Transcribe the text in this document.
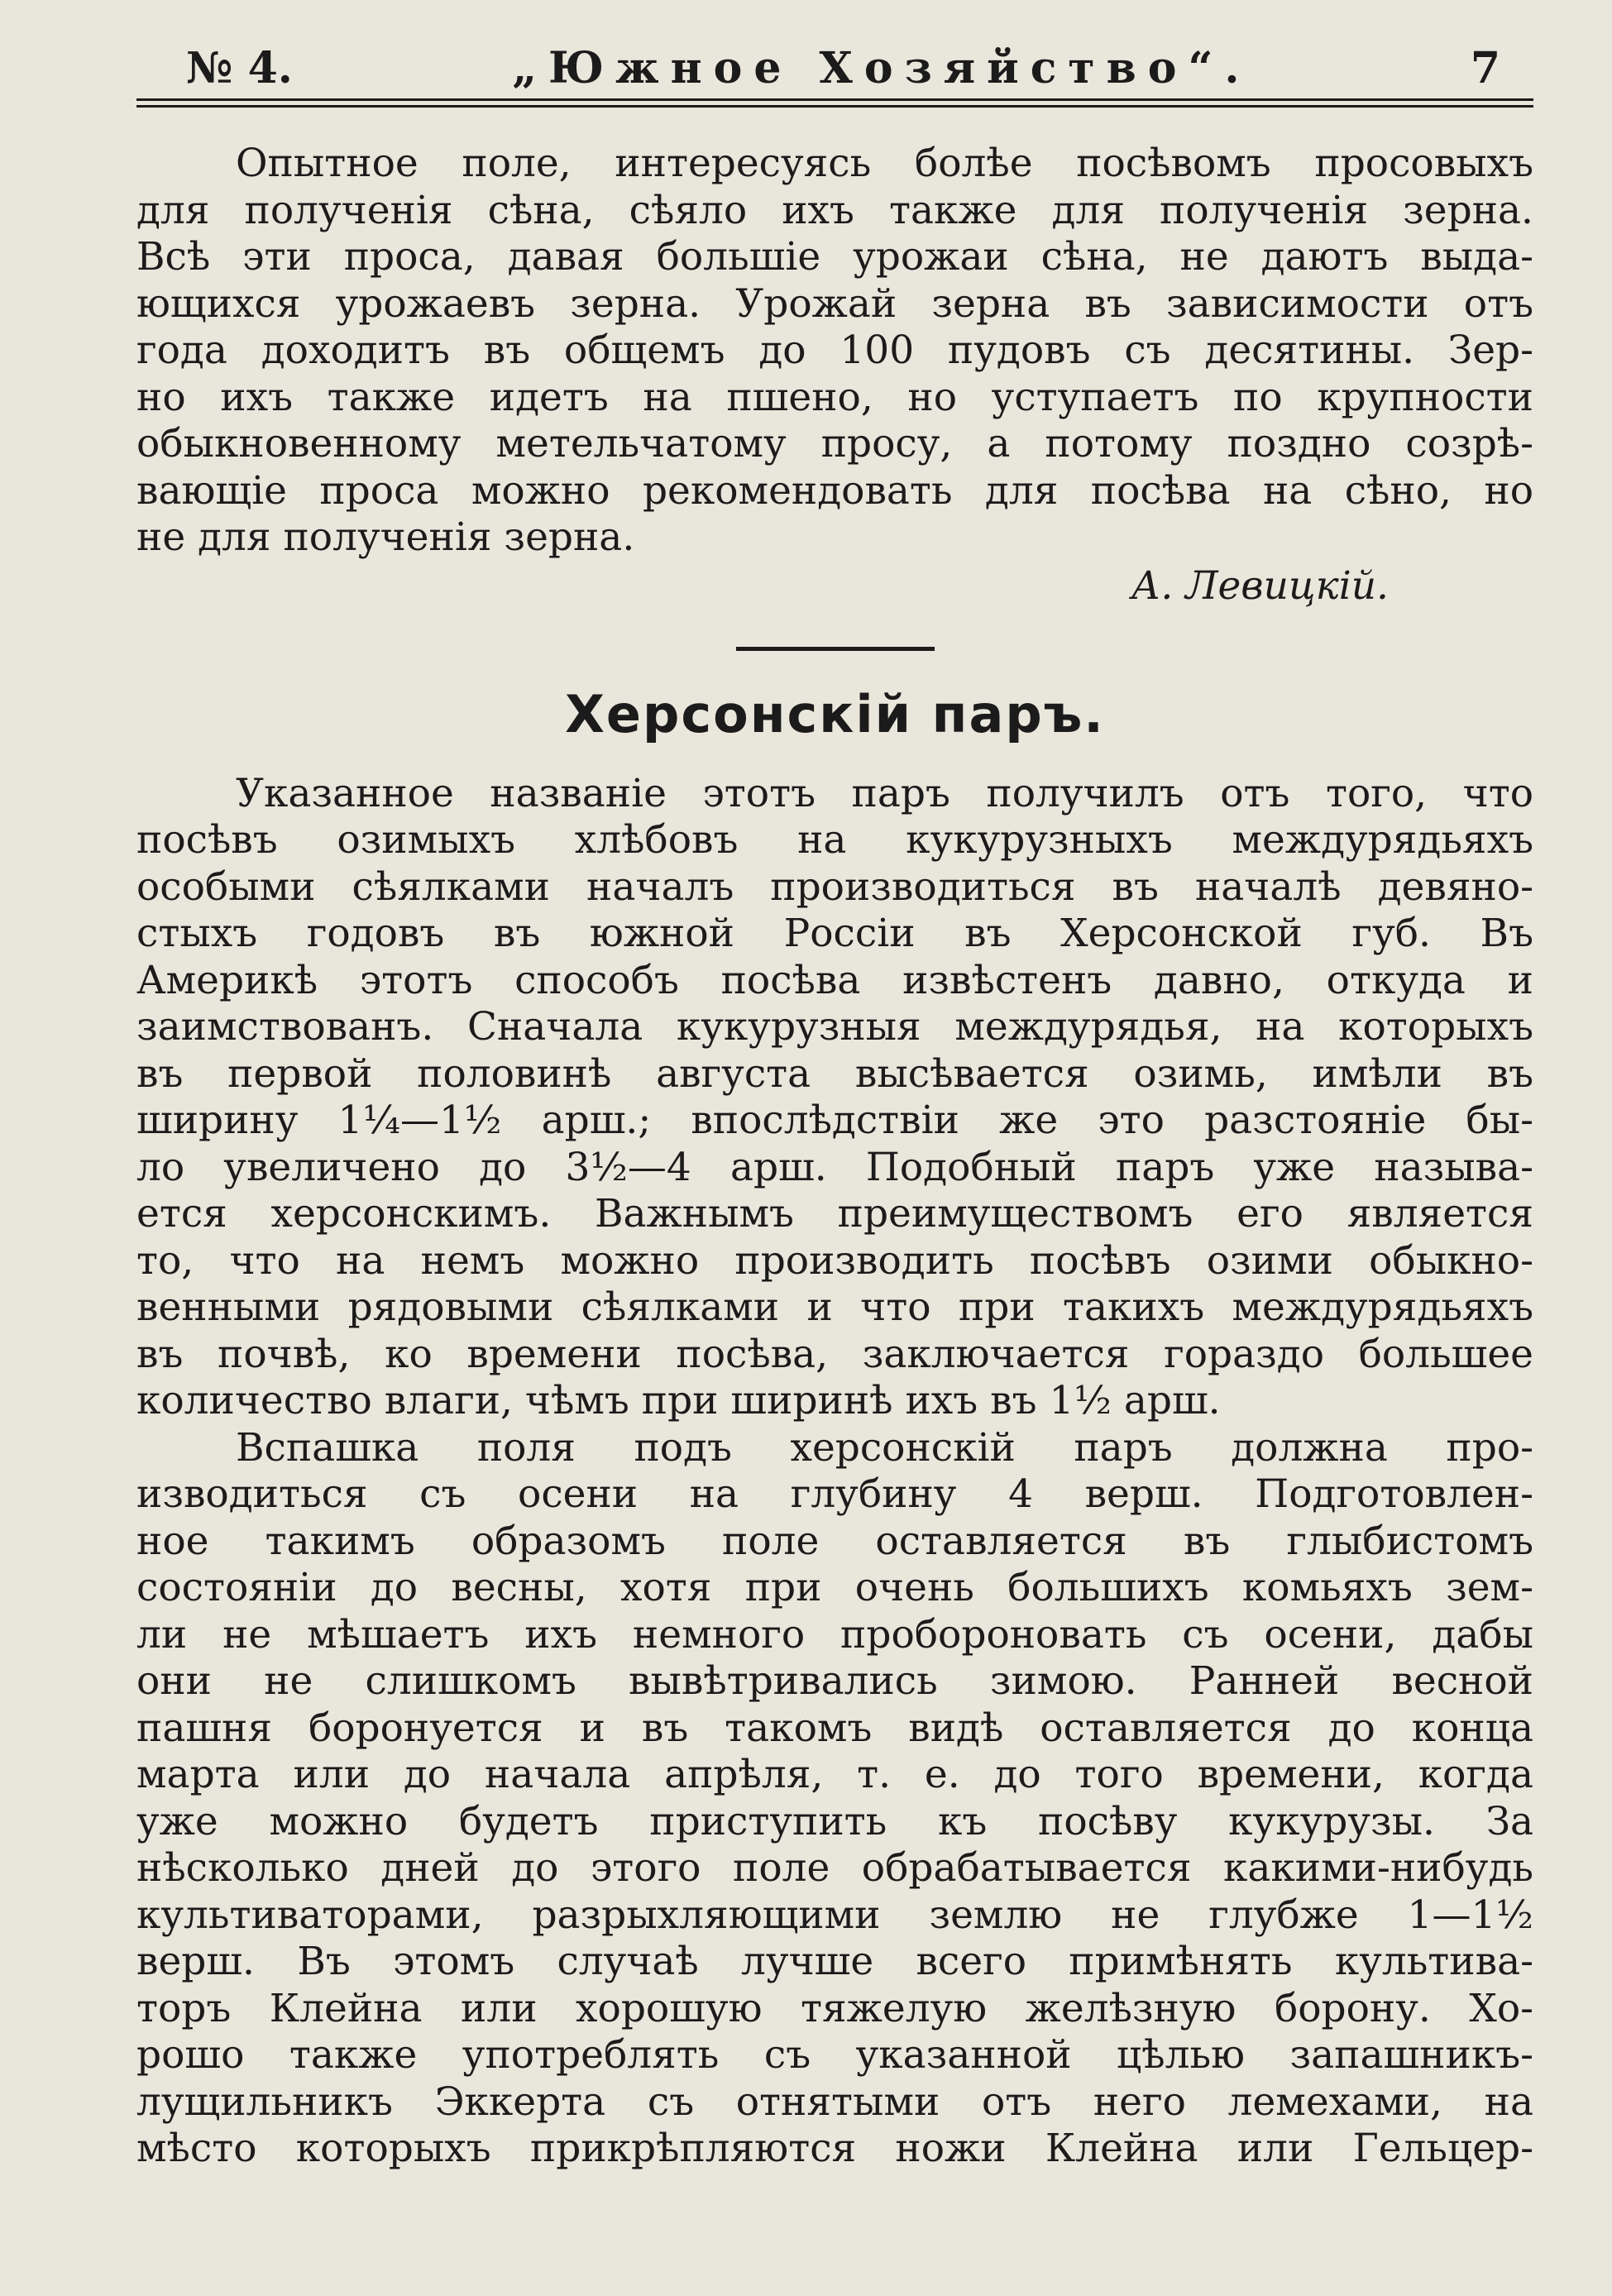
№ 4.	„Южное Хозяйство“.	7

Опытное поле, интересуясь болѣе посѣвомъ просовыхъ
для полученія сѣна, сѣяло ихъ также для полученія зерна.
Всѣ эти проса, давая большіе урожаи сѣна, не даютъ выда-
ющихся урожаевъ зерна. Урожай зерна въ зависимости отъ
года доходитъ въ общемъ до 100 пудовъ съ десятины. Зер-
но ихъ также идетъ на пшено, но уступаетъ по крупности
обыкновенному метельчатому просу, а потому поздно созрѣ-
вающіе проса можно рекомендовать для посѣва на сѣно, но
не для полученія зерна.

А. Левицкій.
Херсонскій паръ.

Указанное названіе этотъ паръ получилъ отъ того, что
посѣвъ озимыхъ хлѣбовъ на кукурузныхъ междурядьяхъ
особыми сѣялками началъ производиться въ началѣ девяно-
стыхъ годовъ въ южной Россіи въ Херсонской губ. Въ
Америкѣ этотъ способъ посѣва извѣстенъ давно, откуда и
заимствованъ. Сначала кукурузныя междурядья, на которыхъ
въ первой половинѣ августа высѣвается озимь, имѣли въ
ширину 1¼—1½ арш.; впослѣдствіи же это разстояніе бы-
ло увеличено до 3½—4 арш. Подобный паръ уже называ-
ется херсонскимъ. Важнымъ преимуществомъ его является
то, что на немъ можно производить посѣвъ озими обыкно-
венными рядовыми сѣялками и что при такихъ междурядьяхъ
въ почвѣ, ко времени посѣва, заключается гораздо большее
количество влаги, чѣмъ при ширинѣ ихъ въ 1½ арш.

Вспашка поля подъ херсонскій паръ должна про-
изводиться съ осени на глубину 4 верш. Подготовлен-
ное такимъ образомъ поле оставляется въ глыбистомъ
состояніи до весны, хотя при очень большихъ комьяхъ зем-
ли не мѣшаетъ ихъ немного пробороновать съ осени, дабы
они не слишкомъ вывѣтривались зимою. Ранней весной
пашня боронуется и въ такомъ видѣ оставляется до конца
марта или до начала апрѣля, т. е. до того времени, когда
уже можно будетъ приступить къ посѣву кукурузы. За
нѣсколько дней до этого поле обрабатывается какими-нибудь
культиваторами, разрыхляющими землю не глубже 1—1½
верш. Въ этомъ случаѣ лучше всего примѣнять культива-
торъ Клейна или хорошую тяжелую желѣзную борону. Хо-
рошо также употреблять съ указанной цѣлью запашникъ-
лущильникъ Эккерта съ отнятыми отъ него лемехами, на
мѣсто которыхъ прикрѣпляются ножи Клейна или Гельцер-
